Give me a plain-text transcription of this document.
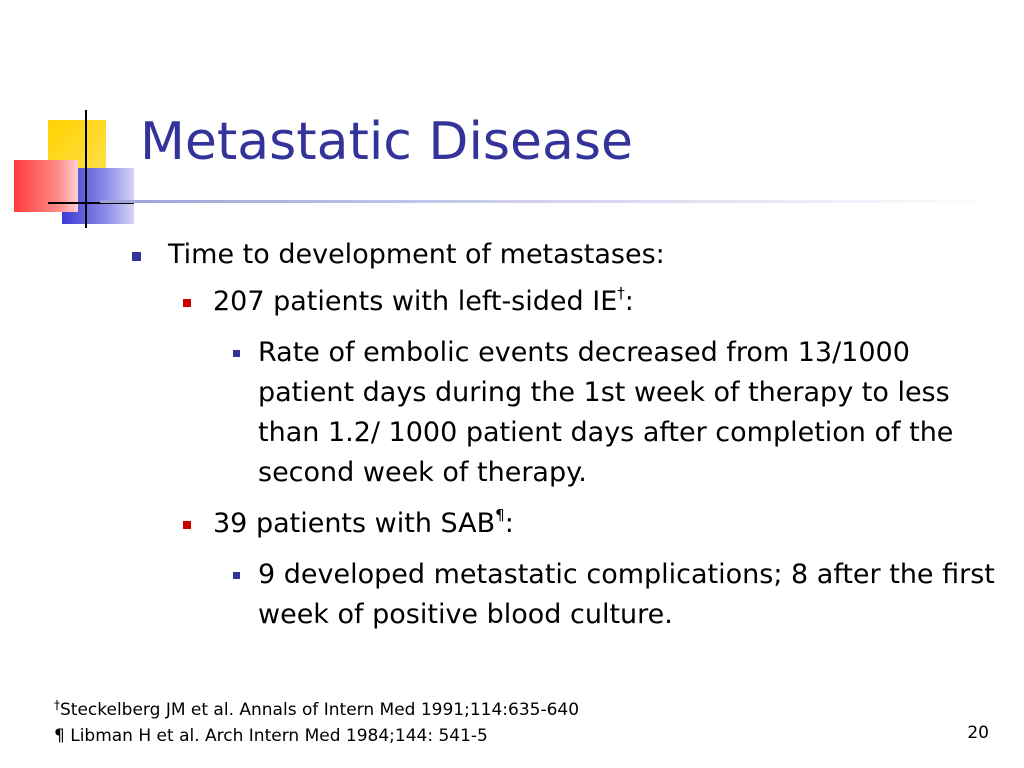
Metastatic Disease
Time to development of metastases:
207 patients with left-sided IE†:
Rate of embolic events decreased from 13/1000 patient days during the 1st week of therapy to less than 1.2/ 1000 patient days after completion of the second week of therapy.
39 patients with SAB¶:
9 developed metastatic complications; 8 after the first week of positive blood culture.
†Steckelberg JM et al. Annals of Intern Med 1991;114:635-640
¶ Libman H et al. Arch Intern Med 1984;144: 541-5	20
